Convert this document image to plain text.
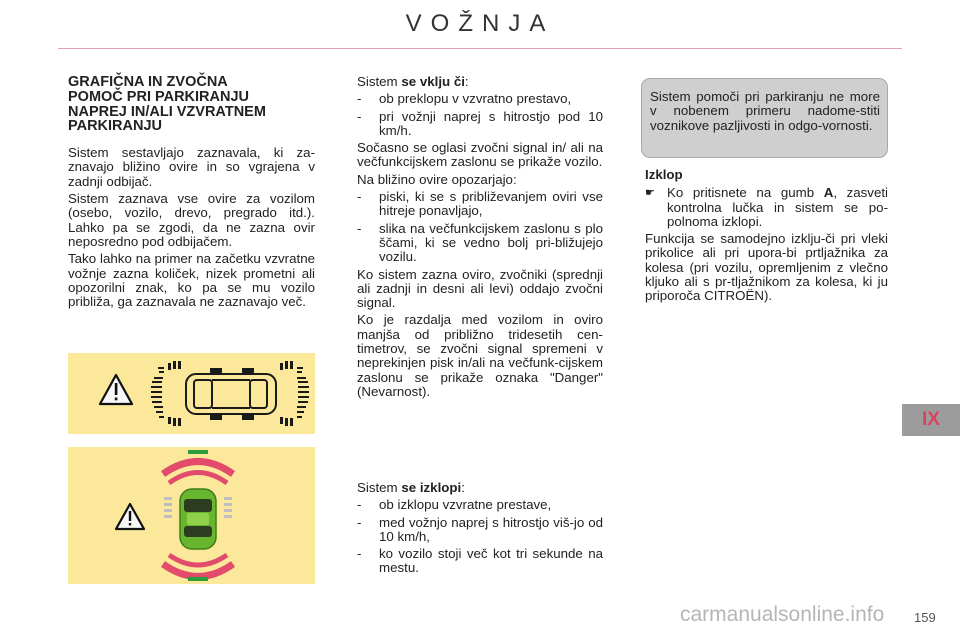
VOŽNJA
IX
GRAFIČNA IN ZVOČNA
POMOČ PRI PARKIRANJU
NAPREJ IN/ALI VZVRATNEM
PARKIRANJU

Sistem sestavljajo zaznavala, ki za-znavajo bližino ovire in so vgrajena v zadnji odbijač.

Sistem zaznava vse ovire za vozilom (osebo, vozilo, drevo, pregrado itd.). Lahko pa se zgodi, da ne zazna ovir neposredno pod odbijačem.

Tako lahko na primer na začetku vzvratne vožnje zazna količek, nizek prometni ali opozorilni znak, ko pa se mu vozilo približa, ga zaznavala ne zaznavajo več.

Sistem se vklju či:

-	ob preklopu v vzvratno prestavo,
-	pri vožnji naprej s hitrostjo pod 10 km/h.

Sočasno se oglasi zvočni signal in/ ali na večfunkcijskem zaslonu se prikaže vozilo.

Na bližino ovire opozarjajo:

-	piski, ki se s približevanjem oviri vse hitreje ponavljajo,
-	slika na večfunkcijskem zaslonu s plo ščami, ki se vedno bolj pri-bližujejo vozilu.

Ko sistem zazna oviro, zvočniki (sprednji ali zadnji in desni ali levi) oddajo zvočni signal.

Ko je razdalja med vozilom in oviro manjša od približno tridesetih cen-timetrov, se zvočni signal spremeni v neprekinjen pisk in/ali na večfunk-cijskem zaslonu se prikaže oznaka "Danger" (Nevarnost).

Sistem se izklopi:

-	ob izklopu vzvratne prestave,
-	med vožnjo naprej s hitrostjo viš-jo od 10 km/h,
-	ko vozilo stoji več kot tri sekunde na mestu.
Sistem pomoči pri parkiranju ne more v nobenem primeru nadome-stiti voznikove pazljivosti in odgo-vornosti.

Izklop

☛ Ko pritisnete na gumb A, zasveti kontrolna lučka in sistem se po-polnoma izklopi.

Funkcija se samodejno izklju-či pri vleki prikolice ali pri upora-bi prtljažnika za kolesa (pri vozilu, opremljenim z vlečno kljuko ali s pr-tljažnikom za kolesa, ki ju priporoča CITROËN).

carmanualsonline.info 159
